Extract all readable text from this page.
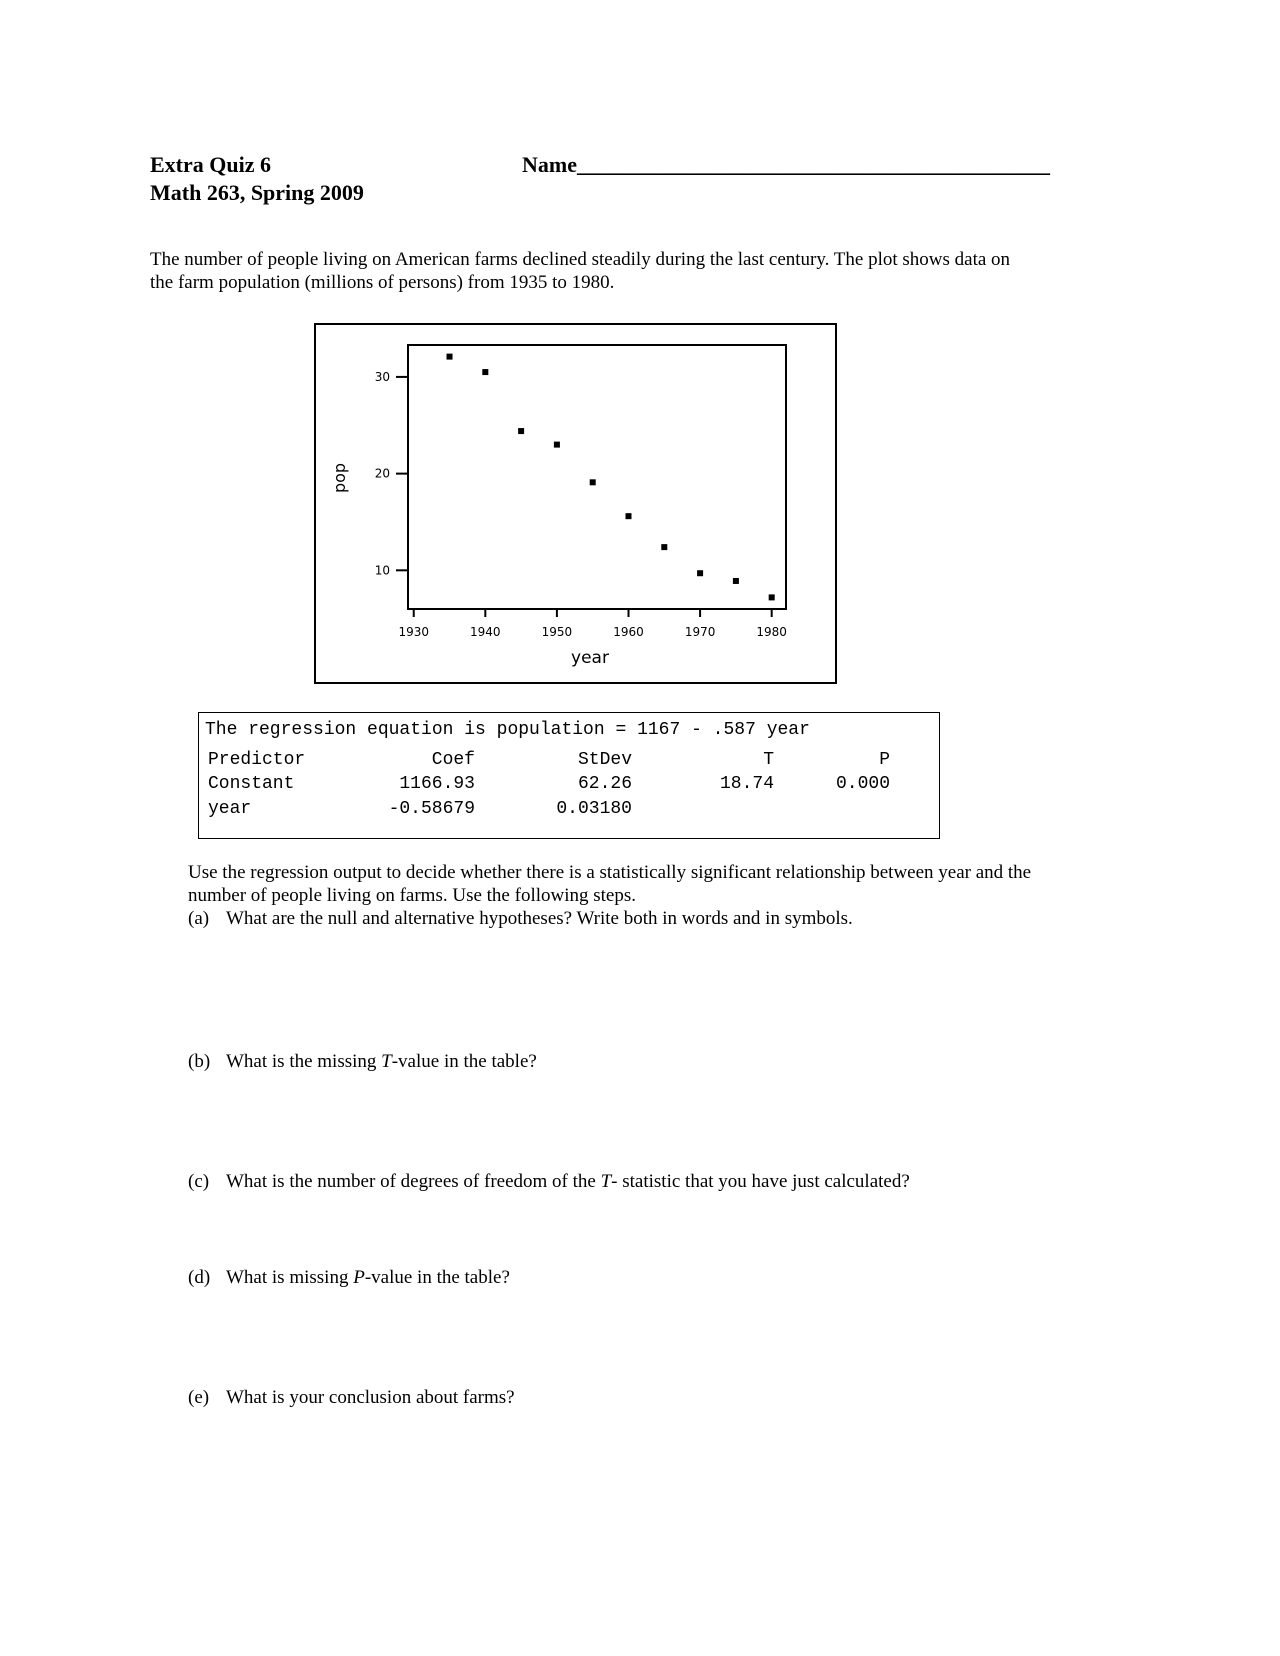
Extra Quiz 6
Math 263, Spring 2009
Name___________________________________________
The number of people living on American farms declined steadily during the last century. The plot shows data on
the farm population (millions of persons) from 1935 to 1980.
1930	1940	1950	1960	1970	1980
10
20
30
year
pop
The regression equation is population = 1167 - .587 year
Predictor	Coef	StDev	T	P
Constant	1166.93	62.26	18.74	0.000
year	-0.58679	0.03180
Use the regression output to decide whether there is a statistically significant relationship between year and the
number of people living on farms. Use the following steps.
(a) What are the null and alternative hypotheses? Write both in words and in symbols.
(b) What is the missing T-value in the table?
(c) What is the number of degrees of freedom of the T- statistic that you have just calculated?
(d) What is missing P-value in the table?
(e) What is your conclusion about farms?
